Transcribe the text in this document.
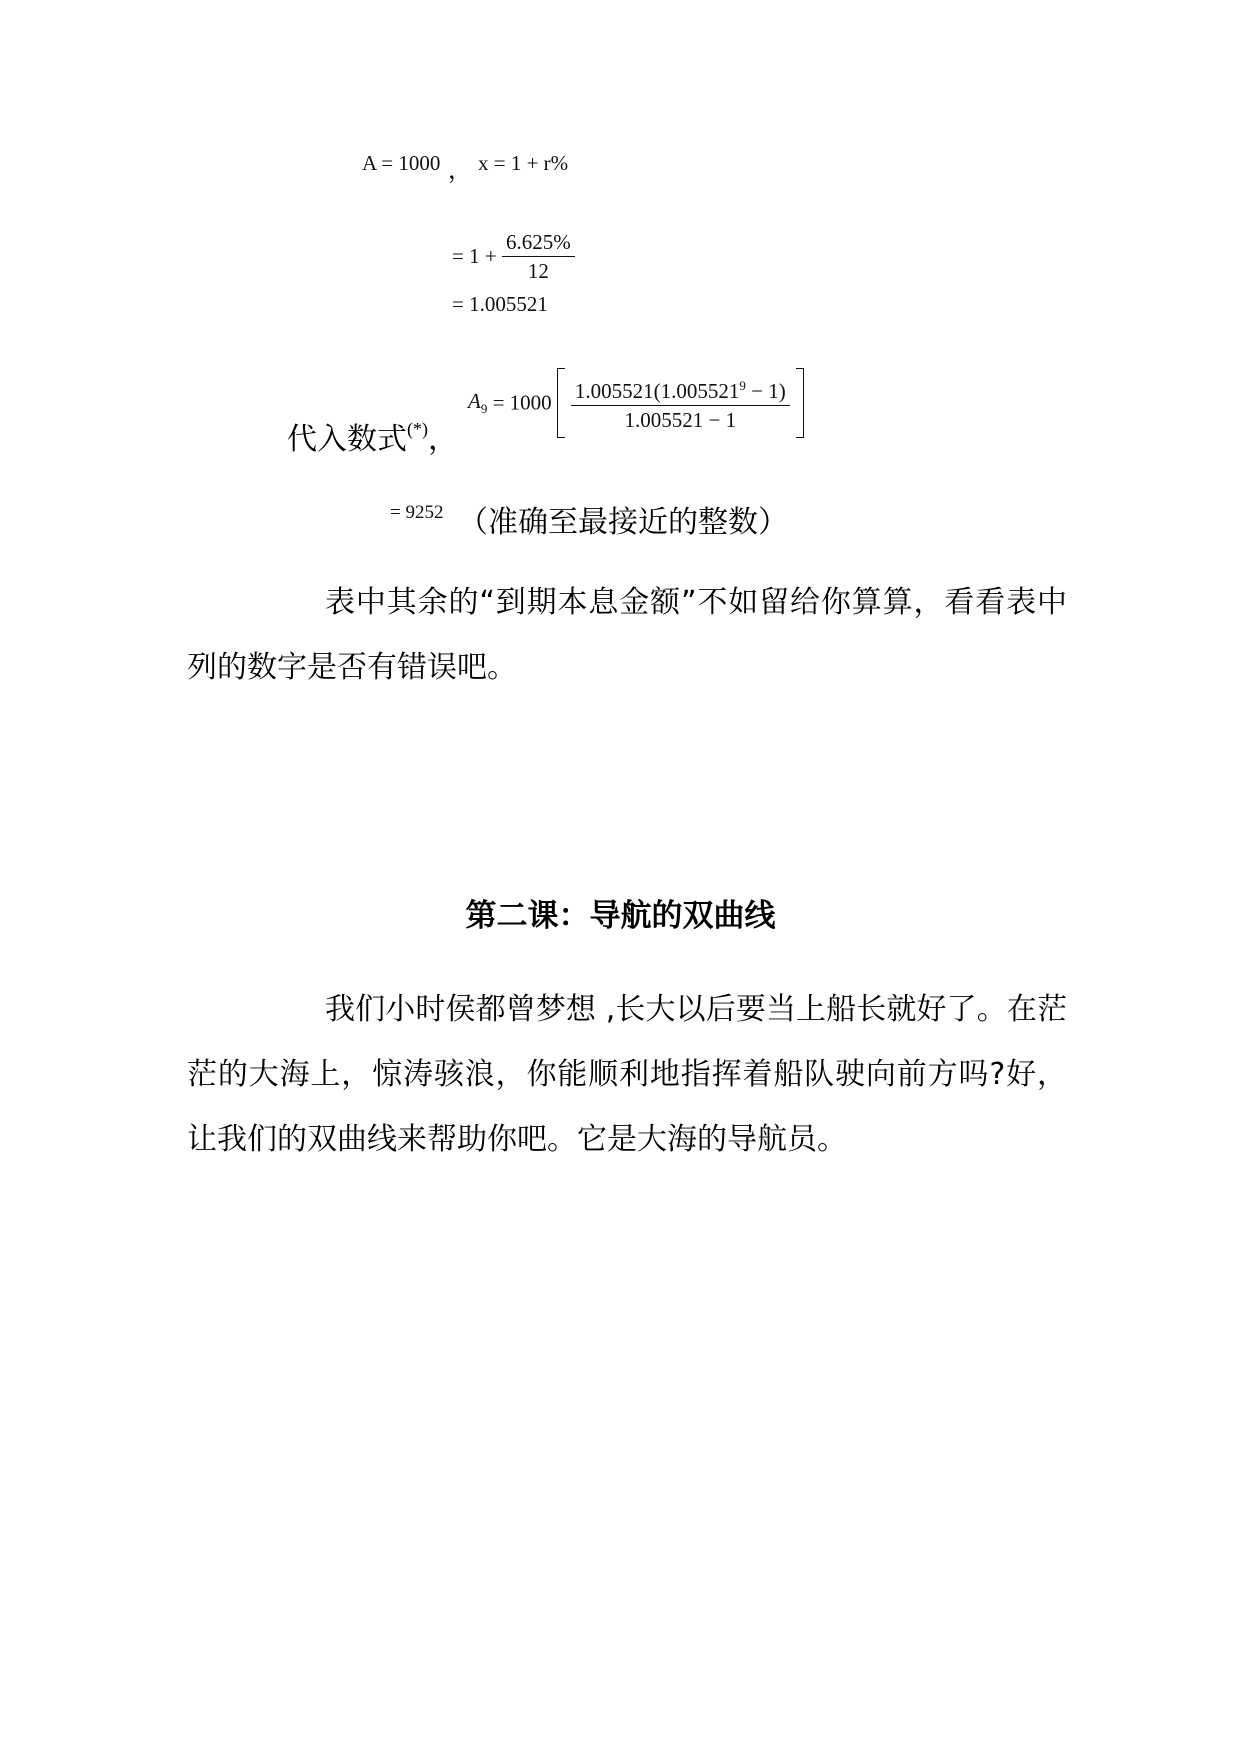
A = 1000 ， x = 1 + r%
= $1 + \frac{6.625\%}{12}$
= 1.005521
代入数式(*)，
$A_9 = 1000 \frac{1.005521(1.005521^9 - 1)}{1.005521 - 1}$
= 9252 （准确至最接近的整数）
表中其余的“到期本息金额”不如留给你算算，看看表中列的数字是否有错误吧。
第二课：导航的双曲线
我们小时侯都曾梦想 ,长大以后要当上船长就好了。在茫茫的大海上，惊涛骇浪，你能顺利地指挥着船队驶向前方吗?好，让我们的双曲线来帮助你吧。它是大海的导航员。
